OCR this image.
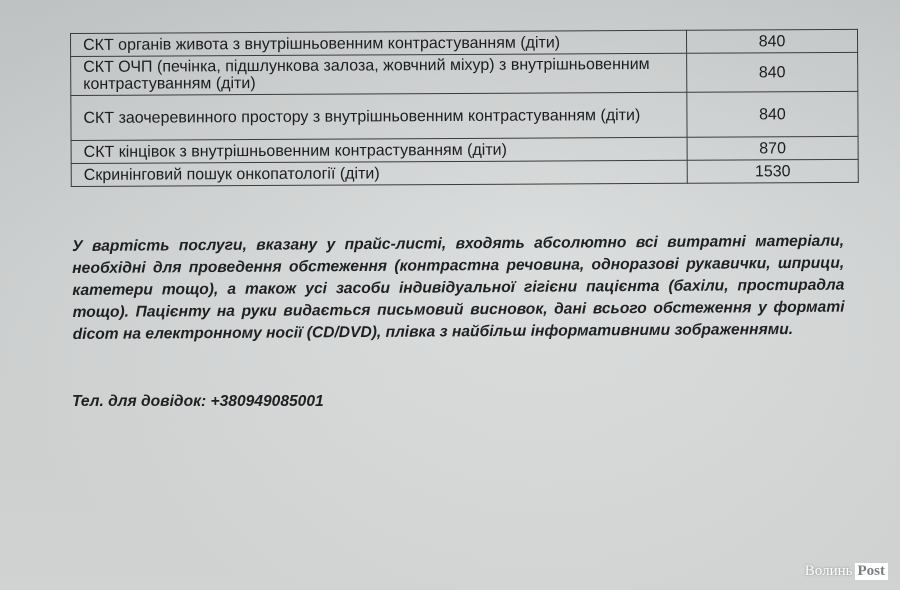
СКТ органів живота з внутрішньовенним контрастуванням (діти)	840
СКТ ОЧП (печінка, підшлункова залоза, жовчний міхур) з внутрішньовенним контрастуванням (діти)	840
СКТ заочеревинного простору з внутрішньовенним контрастуванням (діти)	840
СКТ кінцівок з внутрішньовенним контрастуванням (діти)	870
Скринінговий пошук онкопатології (діти)	1530
У вартість послуги, вказану у прайс-листі, входять абсолютно всі витратні матеріали, необхідні для проведення обстеження (контрастна речовина, одноразові рукавички, шприци, катетери тощо), а також усі засоби індивідуальної гігієни пацієнта (бахіли, простирадла тощо). Пацієнту на руки видається письмовий висновок, дані всього обстеження у форматі dicom на електронному носії (CD/DVD), плівка з найбільш інформативними зображеннями.
Тел. для довідок: +380949085001
Волинь Post
